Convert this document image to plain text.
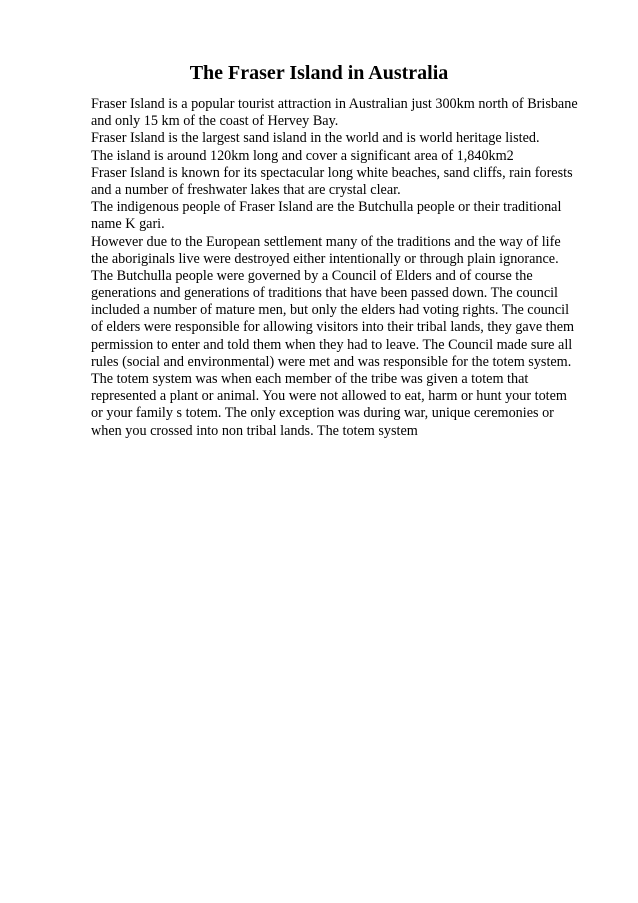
The Fraser Island in Australia
Fraser Island is a popular tourist attraction in Australian just 300km north of Brisbane
and only 15 km of the coast of Hervey Bay.
Fraser Island is the largest sand island in the world and is world heritage listed.
The island is around 120km long and cover a significant area of 1,840km2
Fraser Island is known for its spectacular long white beaches, sand cliffs, rain forests
and a number of freshwater lakes that are crystal clear.
The indigenous people of Fraser Island are the Butchulla people or their traditional
name K gari.
However due to the European settlement many of the traditions and the way of life
the aboriginals live were destroyed either intentionally or through plain ignorance.
The Butchulla people were governed by a Council of Elders and of course the
generations and generations of traditions that have been passed down. The council
included a number of mature men, but only the elders had voting rights. The council
of elders were responsible for allowing visitors into their tribal lands, they gave them
permission to enter and told them when they had to leave. The Council made sure all
rules (social and environmental) were met and was responsible for the totem system.
The totem system was when each member of the tribe was given a totem that
represented a plant or animal. You were not allowed to eat, harm or hunt your totem
or your family s totem. The only exception was during war, unique ceremonies or
when you crossed into non tribal lands. The totem system
